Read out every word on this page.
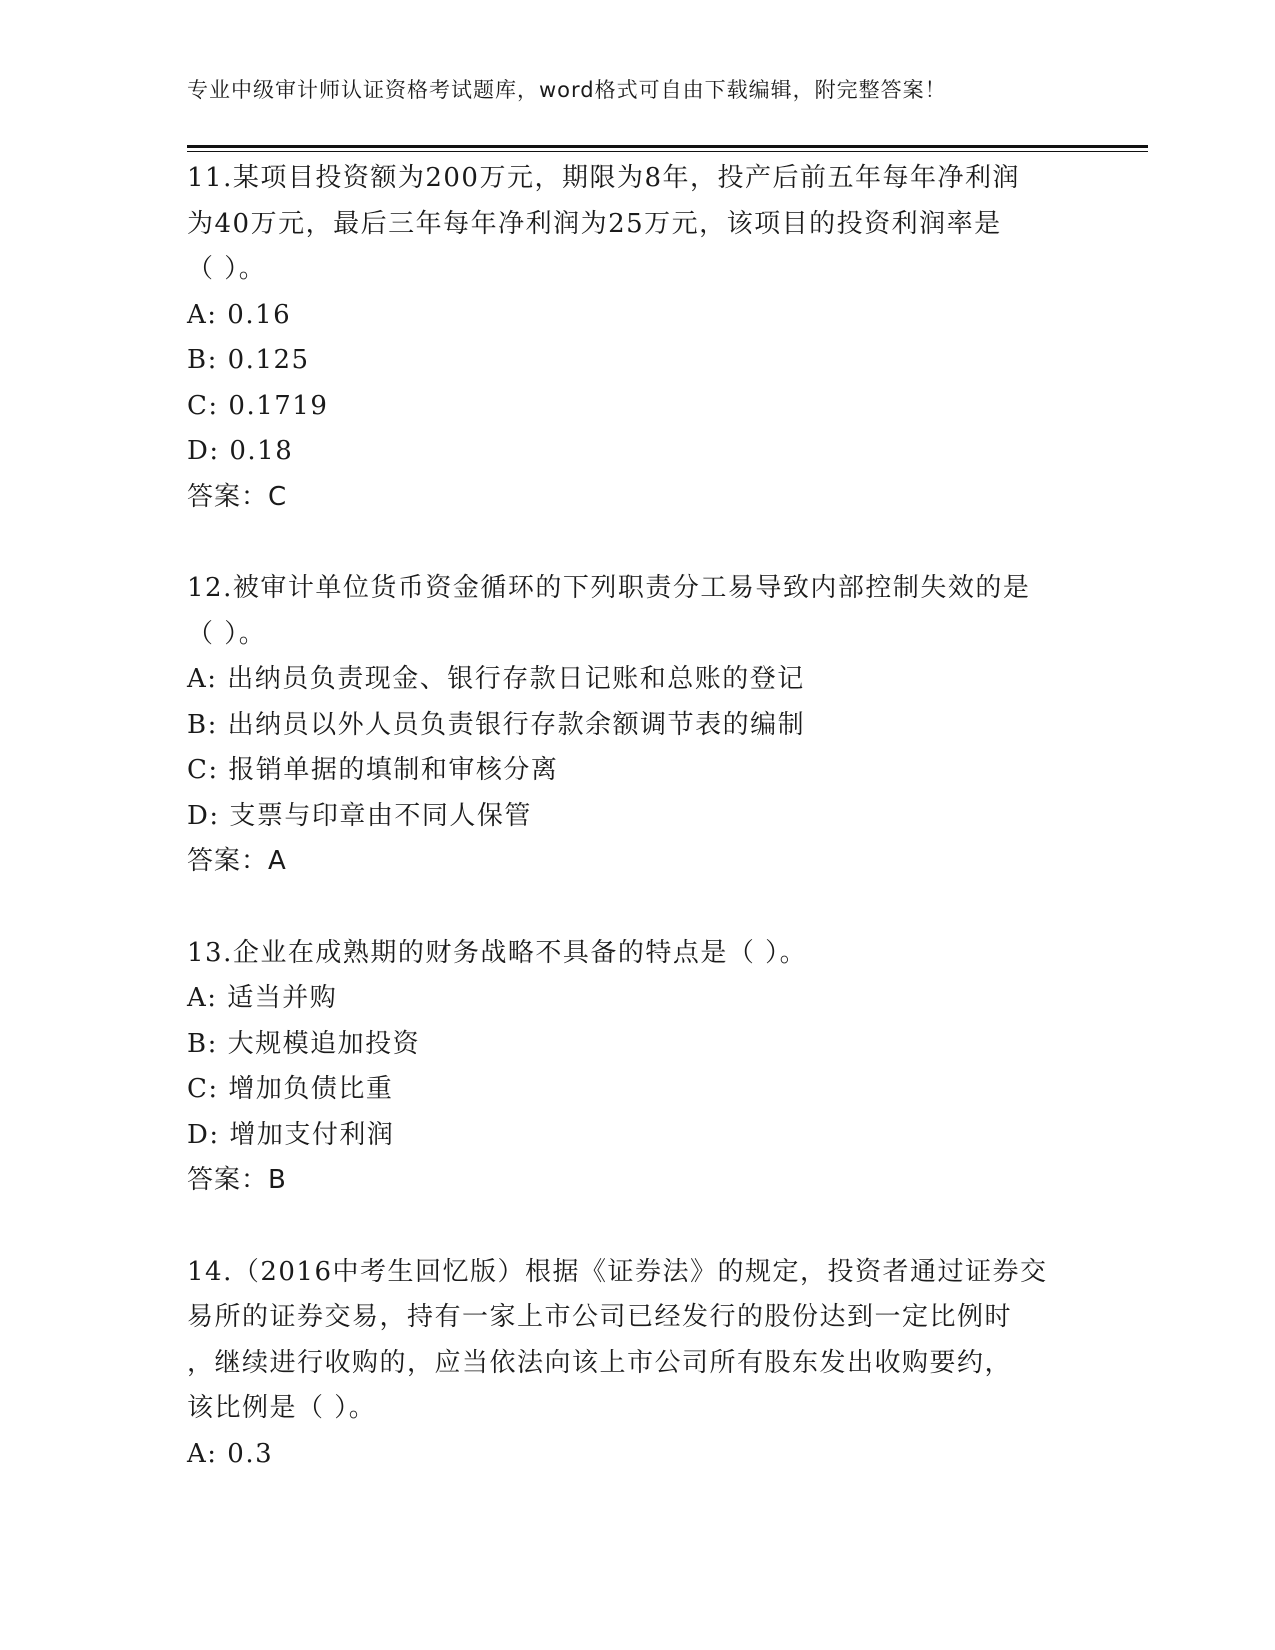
专业中级审计师认证资格考试题库，word格式可自由下载编辑，附完整答案！

11.某项目投资额为200万元，期限为8年，投产后前五年每年净利润

为40万元，最后三年每年净利润为25万元，该项目的投资利润率是

（ ）。

A: 0.16

B: 0.125

C: 0.1719

D: 0.18

答案：C

12.被审计单位货币资金循环的下列职责分工易导致内部控制失效的是

（ ）。

A: 出纳员负责现金、银行存款日记账和总账的登记

B: 出纳员以外人员负责银行存款余额调节表的编制

C: 报销单据的填制和审核分离

D: 支票与印章由不同人保管

答案：A

13.企业在成熟期的财务战略不具备的特点是（ ）。

A: 适当并购

B: 大规模追加投资

C: 增加负债比重

D: 增加支付利润

答案：B

14.（2016中考生回忆版）根据《证券法》的规定，投资者通过证券交

易所的证券交易，持有一家上市公司已经发行的股份达到一定比例时

，继续进行收购的，应当依法向该上市公司所有股东发出收购要约，

该比例是（ ）。

A: 0.3
